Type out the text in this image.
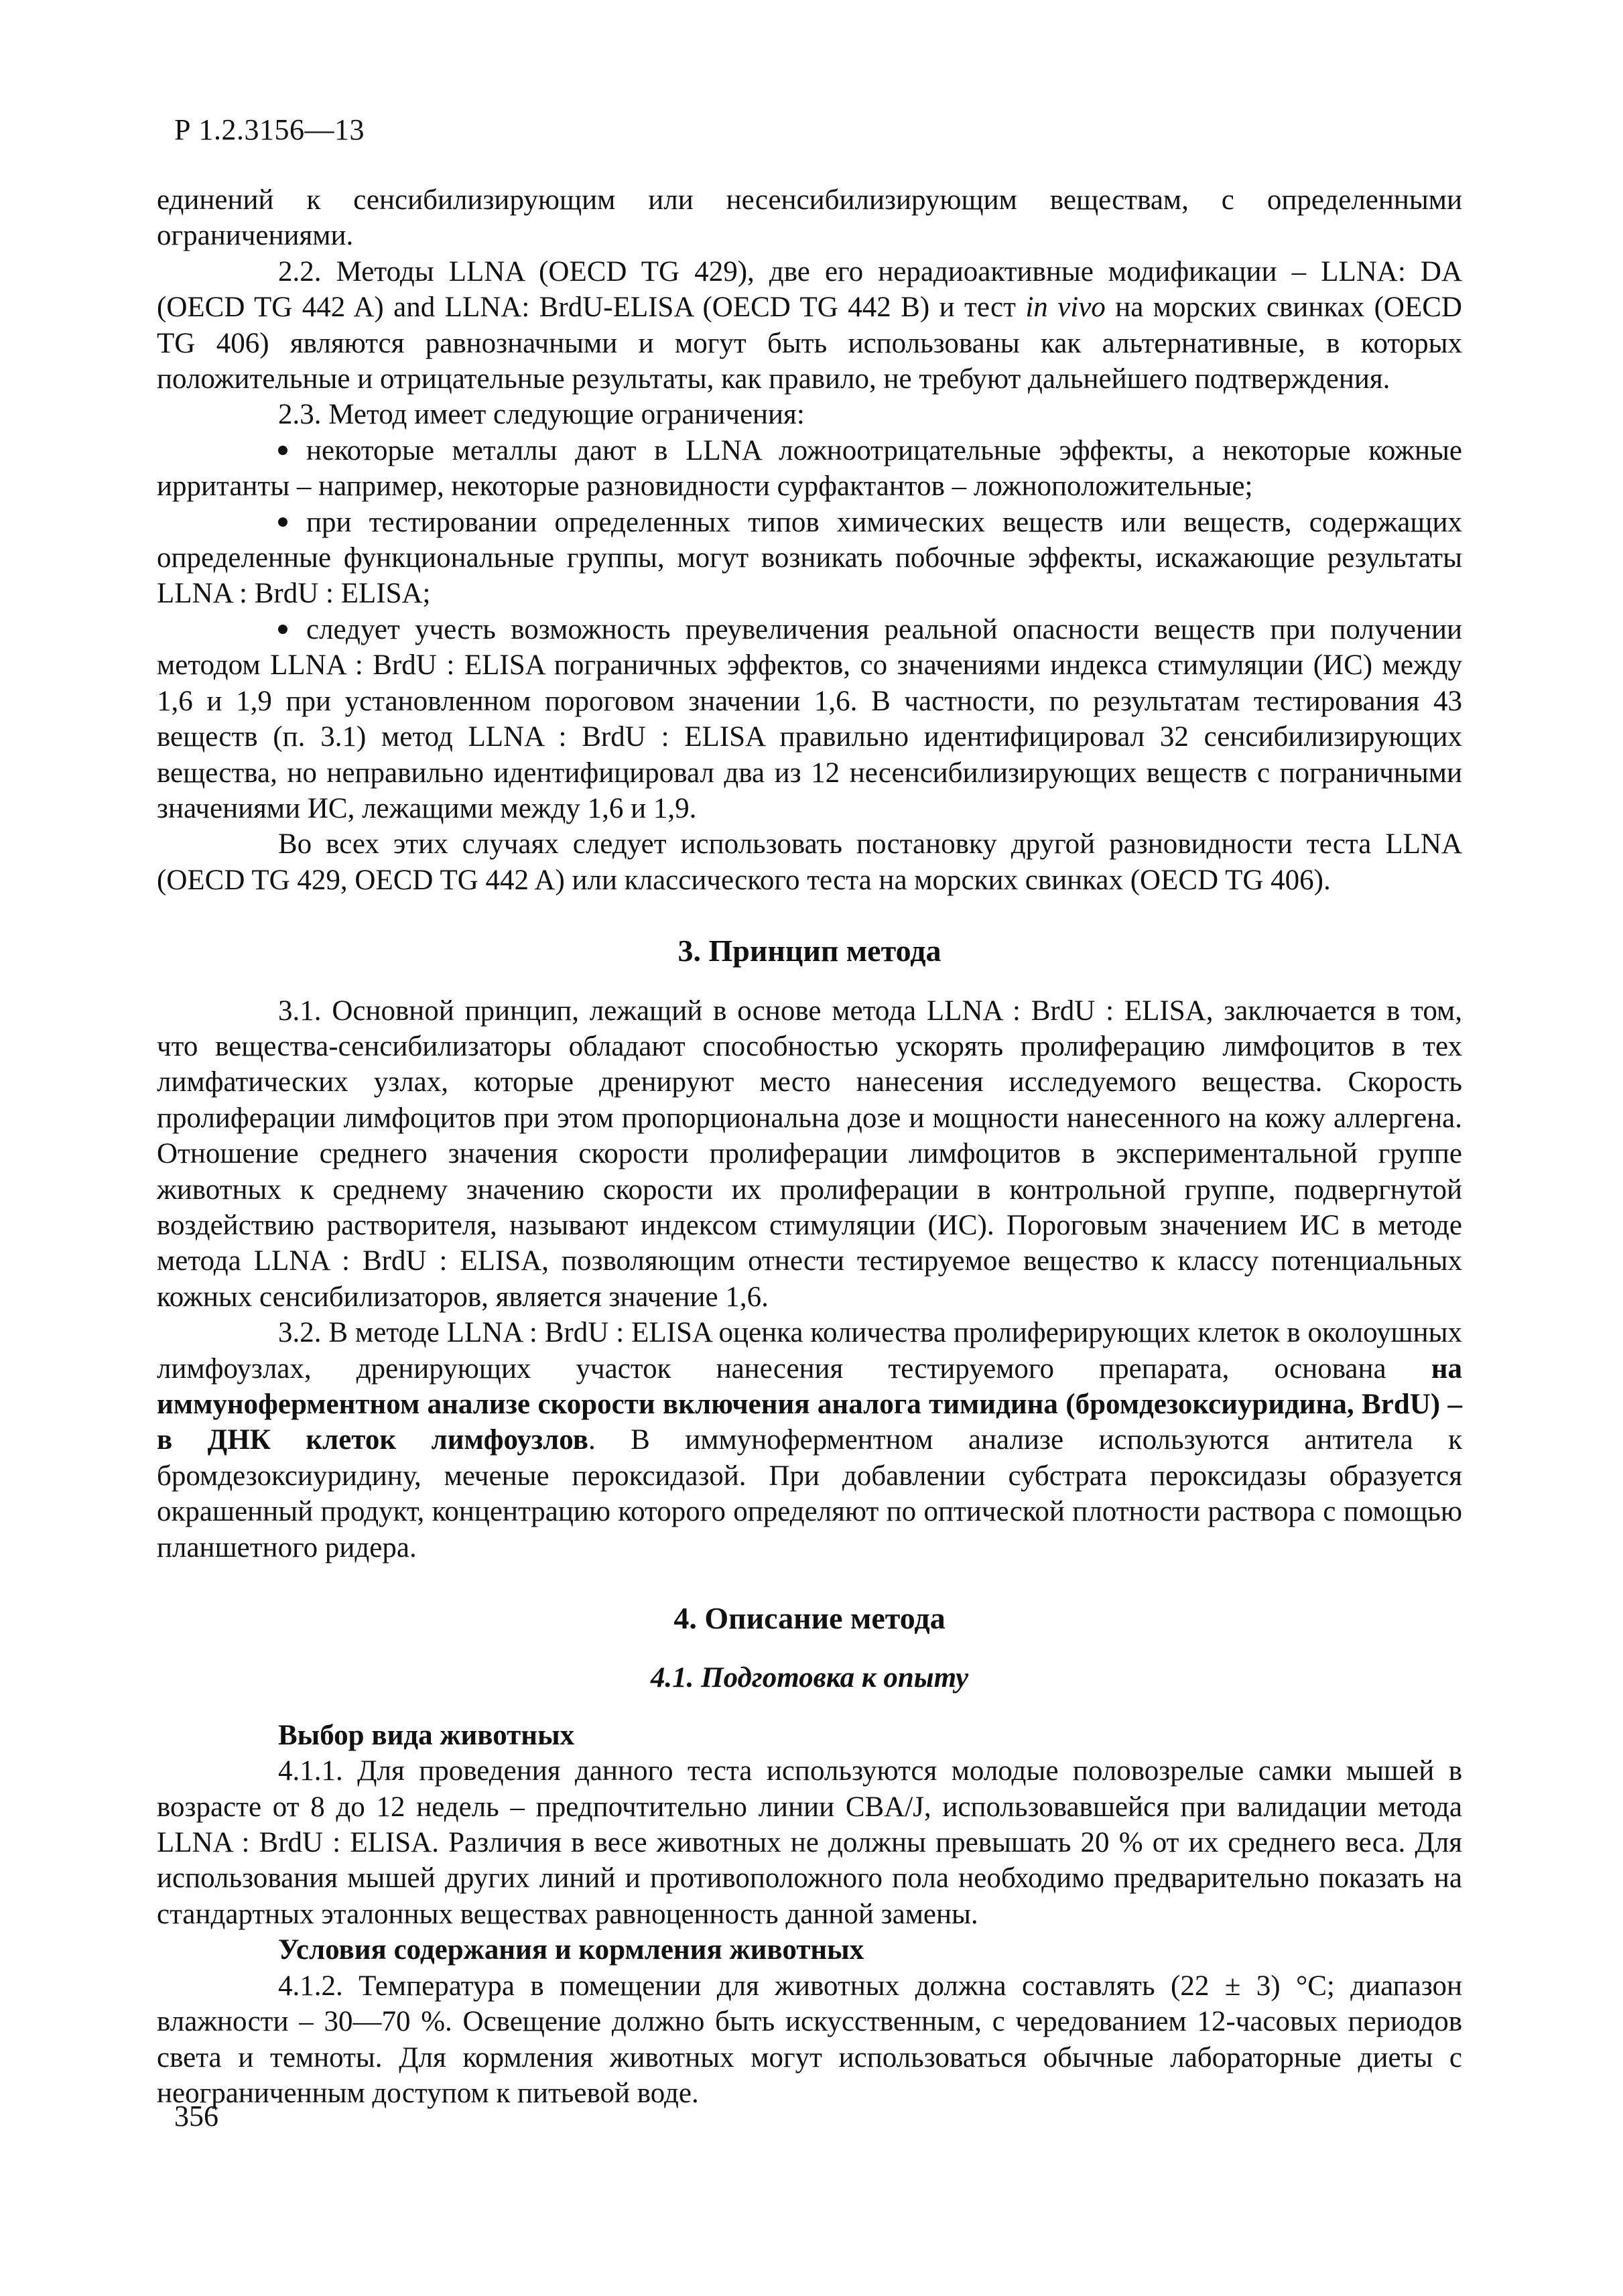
Р 1.2.3156—13

единений к сенсибилизирующим или несенсибилизирующим веществам, с определенными ограничениями.

2.2. Методы LLNA (OECD TG 429), две его нерадиоактивные модификации – LLNA: DA (OECD TG 442 A) and LLNA: BrdU-ELISA (OECD TG 442 B) и тест in vivo на морских свинках (OECD TG 406) являются равнозначными и могут быть использованы как альтернативные, в которых положительные и отрицательные результаты, как правило, не требуют дальнейшего подтверждения.

2.3. Метод имеет следующие ограничения:

некоторые металлы дают в LLNA ложноотрицательные эффекты, а некоторые кожные ирританты – например, некоторые разновидности сурфактантов – ложноположительные;

при тестировании определенных типов химических веществ или веществ, содержащих определенные функциональные группы, могут возникать побочные эффекты, искажающие результаты LLNA : BrdU : ELISA;

следует учесть возможность преувеличения реальной опасности веществ при получении методом LLNA : BrdU : ELISA пограничных эффектов, со значениями индекса стимуляции (ИС) между 1,6 и 1,9 при установленном пороговом значении 1,6. В частности, по результатам тестирования 43 веществ (п. 3.1) метод LLNA : BrdU : ELISA правильно идентифицировал 32 сенсибилизирующих вещества, но неправильно идентифицировал два из 12 несенсибилизирующих веществ с пограничными значениями ИС, лежащими между 1,6 и 1,9.

Во всех этих случаях следует использовать постановку другой разновидности теста LLNA (OECD TG 429, OECD TG 442 A) или классического теста на морских свинках (OECD TG 406).

3. Принцип метода

3.1. Основной принцип, лежащий в основе метода LLNA : BrdU : ELISA, заключается в том, что вещества-сенсибилизаторы обладают способностью ускорять пролиферацию лимфоцитов в тех лимфатических узлах, которые дренируют место нанесения исследуемого вещества. Скорость пролиферации лимфоцитов при этом пропорциональна дозе и мощности нанесенного на кожу аллергена. Отношение среднего значения скорости пролиферации лимфоцитов в экспериментальной группе животных к среднему значению скорости их пролиферации в контрольной группе, подвергнутой воздействию растворителя, называют индексом стимуляции (ИС). Пороговым значением ИС в методе метода LLNA : BrdU : ELISA, позволяющим отнести тестируемое вещество к классу потенциальных кожных сенсибилизаторов, является значение 1,6.

3.2. В методе LLNA : BrdU : ELISA оценка количества пролиферирующих клеток в околоушных лимфоузлах, дренирующих участок нанесения тестируемого препарата, основана на иммуноферментном анализе скорости включения аналога тимидина (бромдезоксиуридина, BrdU) – в ДНК клеток лимфоузлов. В иммуноферментном анализе используются антитела к бромдезоксиуридину, меченые пероксидазой. При добавлении субстрата пероксидазы образуется окрашенный продукт, концентрацию которого определяют по оптической плотности раствора с помощью планшетного ридера.

4. Описание метода
4.1. Подготовка к опыту
Выбор вида животных

4.1.1. Для проведения данного теста используются молодые половозрелые самки мышей в возрасте от 8 до 12 недель – предпочтительно линии CBA/J, использовавшейся при валидации метода LLNA : BrdU : ELISA. Различия в весе животных не должны превышать 20 % от их среднего веса. Для использования мышей других линий и противоположного пола необходимо предварительно показать на стандартных эталонных веществах равноценность данной замены.

Условия содержания и кормления животных

4.1.2. Температура в помещении для животных должна составлять (22 ± 3) °С; диапазон влажности – 30—70 %. Освещение должно быть искусственным, с чередованием 12-часовых периодов света и темноты. Для кормления животных могут использоваться обычные лабораторные диеты с неограниченным доступом к питьевой воде.

356
